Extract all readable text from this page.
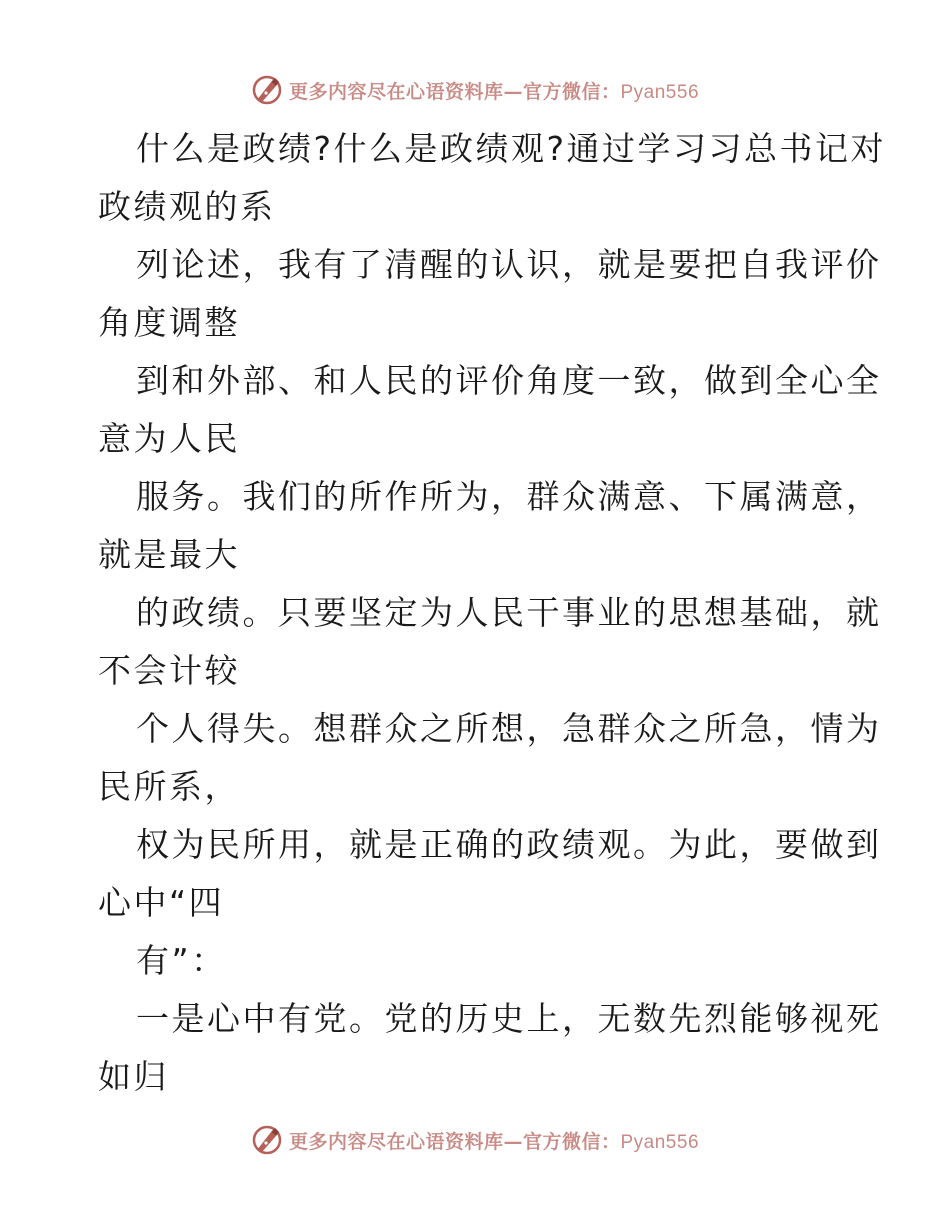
更多内容尽在心语资料库—官方微信：Pyan556
什么是政绩?什么是政绩观?通过学习习总书记对
政绩观的系
列论述，我有了清醒的认识，就是要把自我评价
角度调整
到和外部、和人民的评价角度一致，做到全心全
意为人民
服务。我们的所作所为，群众满意、下属满意，
就是最大
的政绩。只要坚定为人民干事业的思想基础，就
不会计较
个人得失。想群众之所想，急群众之所急，情为
民所系，
权为民所用，就是正确的政绩观。为此，要做到
心中“四
有”：
一是心中有党。党的历史上，无数先烈能够视死
如归
更多内容尽在心语资料库—官方微信：Pyan556
